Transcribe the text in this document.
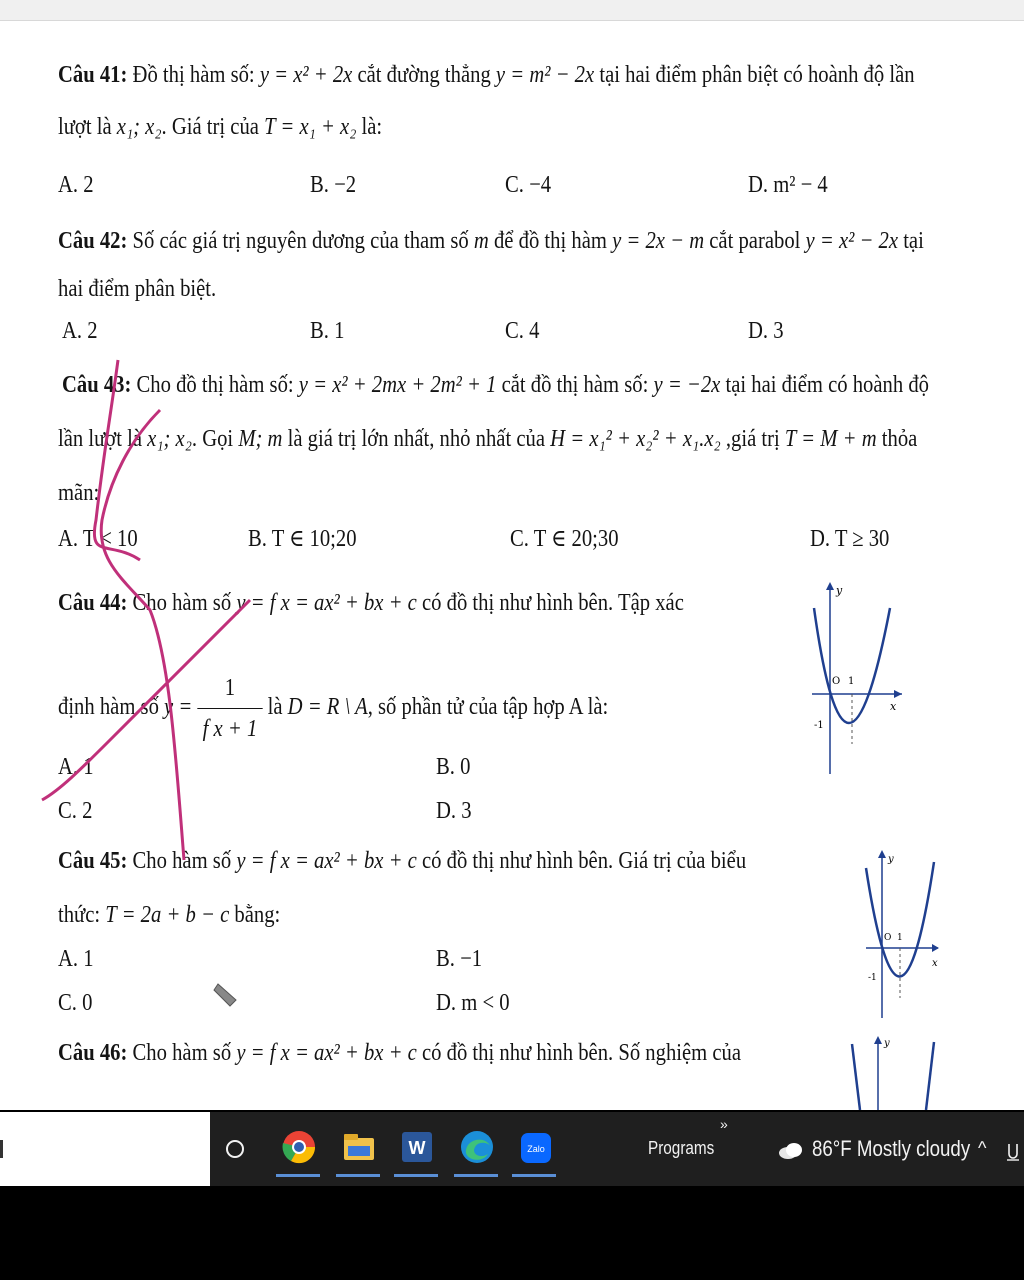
Câu 41: Đồ thị hàm số: y = x² + 2x cắt đường thẳng y = m² − 2x tại hai điểm phân biệt có hoành độ lần
lượt là x₁; x₂. Giá trị của T = x₁ + x₂ là:
A. 2	B. −2	C. −4	D. m² − 4
Câu 42: Số các giá trị nguyên dương của tham số m để đồ thị hàm y = 2x − m cắt parabol y = x² − 2x tại
hai điểm phân biệt.
A. 2	B. 1	C. 4	D. 3
Câu 43: Cho đồ thị hàm số: y = x² + 2mx + 2m² + 1 cắt đồ thị hàm số: y = −2x tại hai điểm có hoành độ
lần lượt là x₁; x₂. Gọi M; m là giá trị lớn nhất, nhỏ nhất của H = x₁² + x₂² + x₁.x₂ ,giá trị T = M + m thỏa
mãn:
A. T < 10	B. T ∈ 10;20	C. T ∈ 20;30	D. T ≥ 30
Câu 44: Cho hàm số y = f x = ax² + bx + c có đồ thị như hình bên. Tập xác
định hàm số $y = \frac{1}{\text{f x + 1}}$ là D = R \ A, số phần tử của tập hợp A là:
A. 1	B. 0
C. 2	D. 3
y
x
O 1
-1
Câu 45: Cho hàm số y = f x = ax² + bx + c có đồ thị như hình bên. Giá trị của biểu
thức: T = 2a + b − c bằng:
A. 1	B. −1
C. 0	D. m < 0
y
x
O 1
-1
Câu 46: Cho hàm số y = f x = ax² + bx + c có đồ thị như hình bên. Số nghiệm của	y
W	Zalo	Programs
»
86°F Mostly cloudy ^
